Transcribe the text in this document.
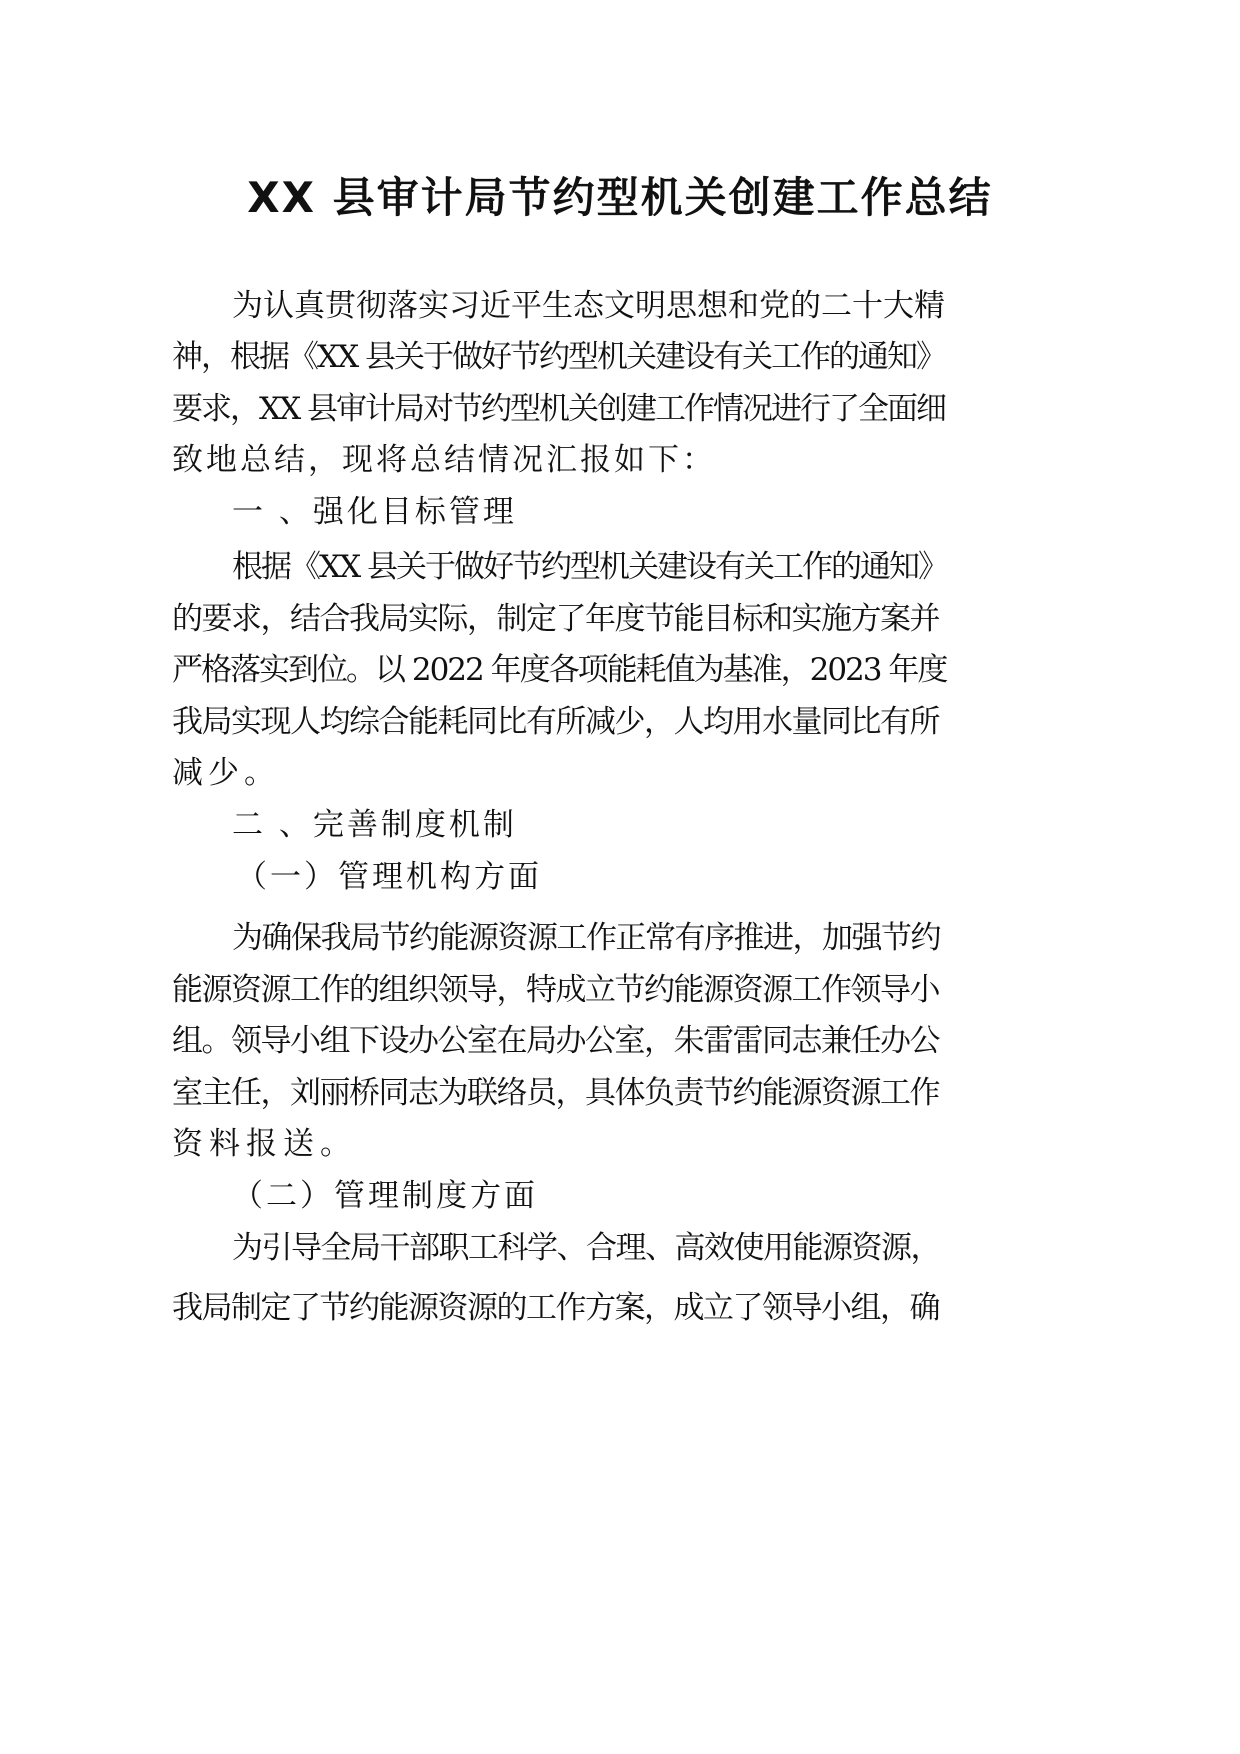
XX 县审计局节约型机关创建工作总结
为认真贯彻落实习近平生态文明思想和党的二十大精
神，根据《XX 县关于做好节约型机关建设有关工作的通知》
要求，XX 县审计局对节约型机关创建工作情况进行了全面细
致地总结，现将总结情况汇报如下：
一 、强化目标管理
根据《XX 县关于做好节约型机关建设有关工作的通知》
的要求，结合我局实际，制定了年度节能目标和实施方案并
严格落实到位。以 2022 年度各项能耗值为基准，2023 年度
我局实现人均综合能耗同比有所减少，人均用水量同比有所
减少。
二 、完善制度机制
（一）管理机构方面
为确保我局节约能源资源工作正常有序推进，加强节约
能源资源工作的组织领导，特成立节约能源资源工作领导小
组。领导小组下设办公室在局办公室，朱雷雷同志兼任办公
室主任，刘丽桥同志为联络员，具体负责节约能源资源工作
资料报送。
（二）管理制度方面
为引导全局干部职工科学、合理、高效使用能源资源，
我局制定了节约能源资源的工作方案，成立了领导小组，确
